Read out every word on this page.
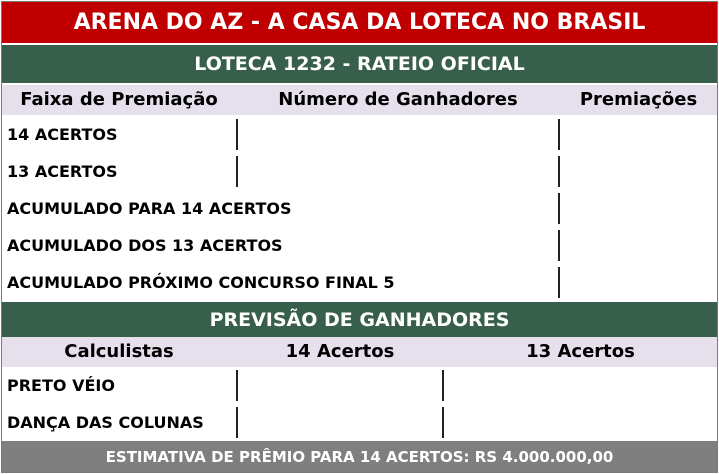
ARENA DO AZ - A CASA DA LOTECA NO BRASIL
LOTECA 1232 - RATEIO OFICIAL
Faixa de Premiação	Número de Ganhadores	Premiações
14 ACERTOS
13 ACERTOS
ACUMULADO PARA 14 ACERTOS
ACUMULADO DOS 13 ACERTOS
ACUMULADO PRÓXIMO CONCURSO FINAL 5
PREVISÃO DE GANHADORES
Calculistas	14 Acertos	13 Acertos
PRETO VÉIO
DANÇA DAS COLUNAS
ESTIMATIVA DE PRÊMIO PARA 14 ACERTOS: RS 4.000.000,00
